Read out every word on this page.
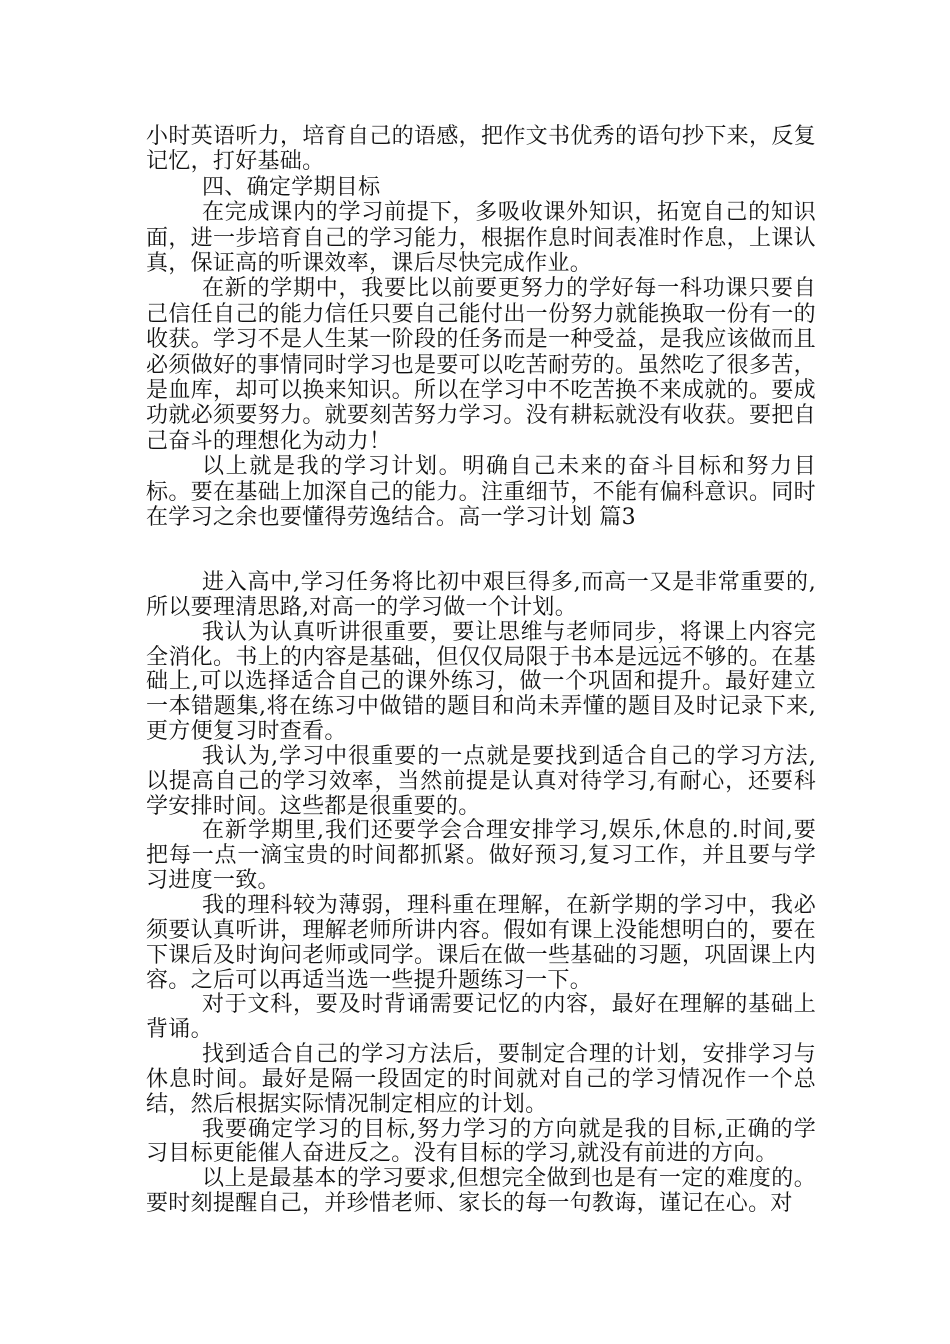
小时英语听力，培育自己的语感，把作文书优秀的语句抄下来，反复记忆，打好基础。

四、确定学期目标

在完成课内的学习前提下，多吸收课外知识，拓宽自己的知识面，进一步培育自己的学习能力，根据作息时间表准时作息，上课认真，保证高的听课效率，课后尽快完成作业。

在新的学期中，我要比以前要更努力的学好每一科功课只要自己信任自己的能力信任只要自己能付出一份努力就能换取一份有一的收获。学习不是人生某一阶段的任务而是一种受益，是我应该做而且必须做好的事情同时学习也是要可以吃苦耐劳的。虽然吃了很多苦，是血库，却可以换来知识。所以在学习中不吃苦换不来成就的。要成功就必须要努力。就要刻苦努力学习。没有耕耘就没有收获。要把自己奋斗的理想化为动力！

以上就是我的学习计划。明确自己未来的奋斗目标和努力目标。要在基础上加深自己的能力。注重细节，不能有偏科意识。同时在学习之余也要懂得劳逸结合。高一学习计划 篇3

进入高中,学习任务将比初中艰巨得多,而高一又是非常重要的,所以要理清思路,对高一的学习做一个计划。

我认为认真听讲很重要，要让思维与老师同步，将课上内容完全消化。书上的内容是基础，但仅仅局限于书本是远远不够的。在基础上,可以选择适合自己的课外练习，做一个巩固和提升。最好建立一本错题集,将在练习中做错的题目和尚未弄懂的题目及时记录下来,更方便复习时查看。

我认为,学习中很重要的一点就是要找到适合自己的学习方法,以提高自己的学习效率，当然前提是认真对待学习,有耐心，还要科学安排时间。这些都是很重要的。

在新学期里,我们还要学会合理安排学习,娱乐,休息的.时间,要把每一点一滴宝贵的时间都抓紧。做好预习,复习工作，并且要与学习进度一致。

我的理科较为薄弱，理科重在理解，在新学期的学习中，我必须要认真听讲，理解老师所讲内容。假如有课上没能想明白的，要在下课后及时询问老师或同学。课后在做一些基础的习题，巩固课上内容。之后可以再适当选一些提升题练习一下。

对于文科，要及时背诵需要记忆的内容，最好在理解的基础上背诵。

找到适合自己的学习方法后，要制定合理的计划，安排学习与休息时间。最好是隔一段固定的时间就对自己的学习情况作一个总结，然后根据实际情况制定相应的计划。

我要确定学习的目标,努力学习的方向就是我的目标,正确的学习目标更能催人奋进反之。没有目标的学习,就没有前进的方向。

以上是最基本的学习要求,但想完全做到也是有一定的难度的。要时刻提醒自己，并珍惜老师、家长的每一句教诲，谨记在心。对
